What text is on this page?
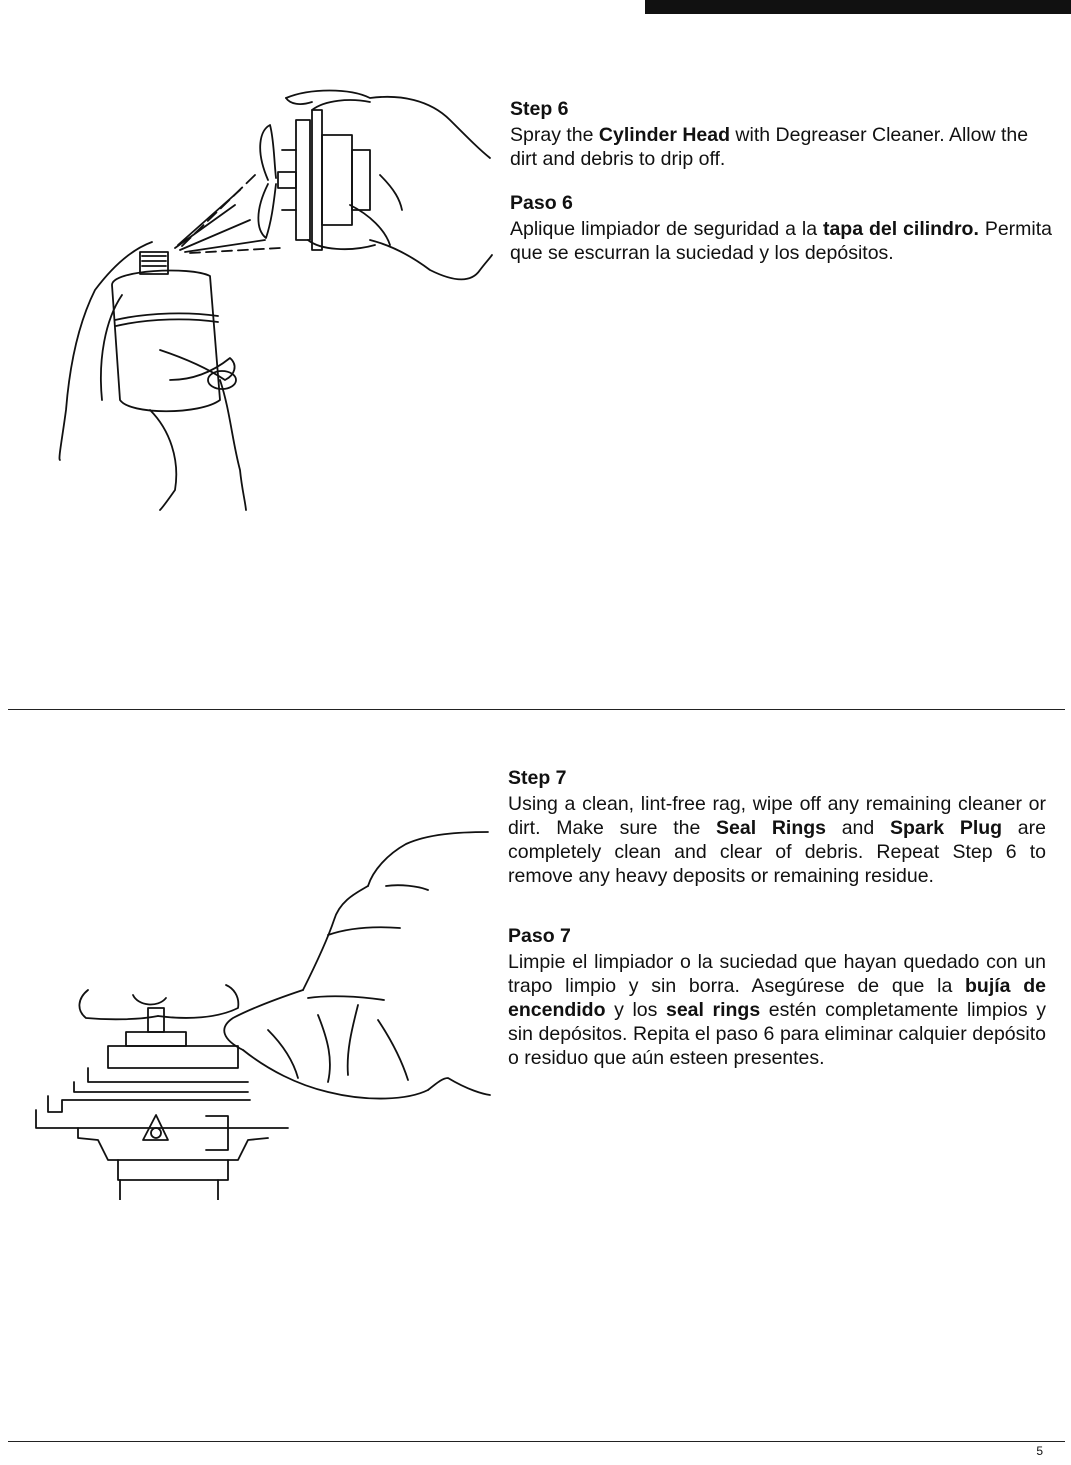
Step 6

Spray the Cylinder Head with Degreaser Cleaner. Allow the dirt and debris to drip off.

Paso 6

Aplique limpiador de seguridad a la tapa del cilindro. Permita que se escurran la suciedad y los depósitos.

Step 7

Using a clean, lint-free rag, wipe off any remaining cleaner or dirt. Make sure the Seal Rings and Spark Plug are completely clean and clear of debris. Repeat Step 6 to remove any heavy deposits or remaining residue.

Paso 7

Limpie el limpiador o la suciedad que hayan quedado con un trapo limpio y sin borra. Asegúrese de que la bujía de encendido y los seal rings estén completamente limpios y sin depósitos. Repita el paso 6 para eliminar calquier depósito o residuo que aún esteen presentes.

5
